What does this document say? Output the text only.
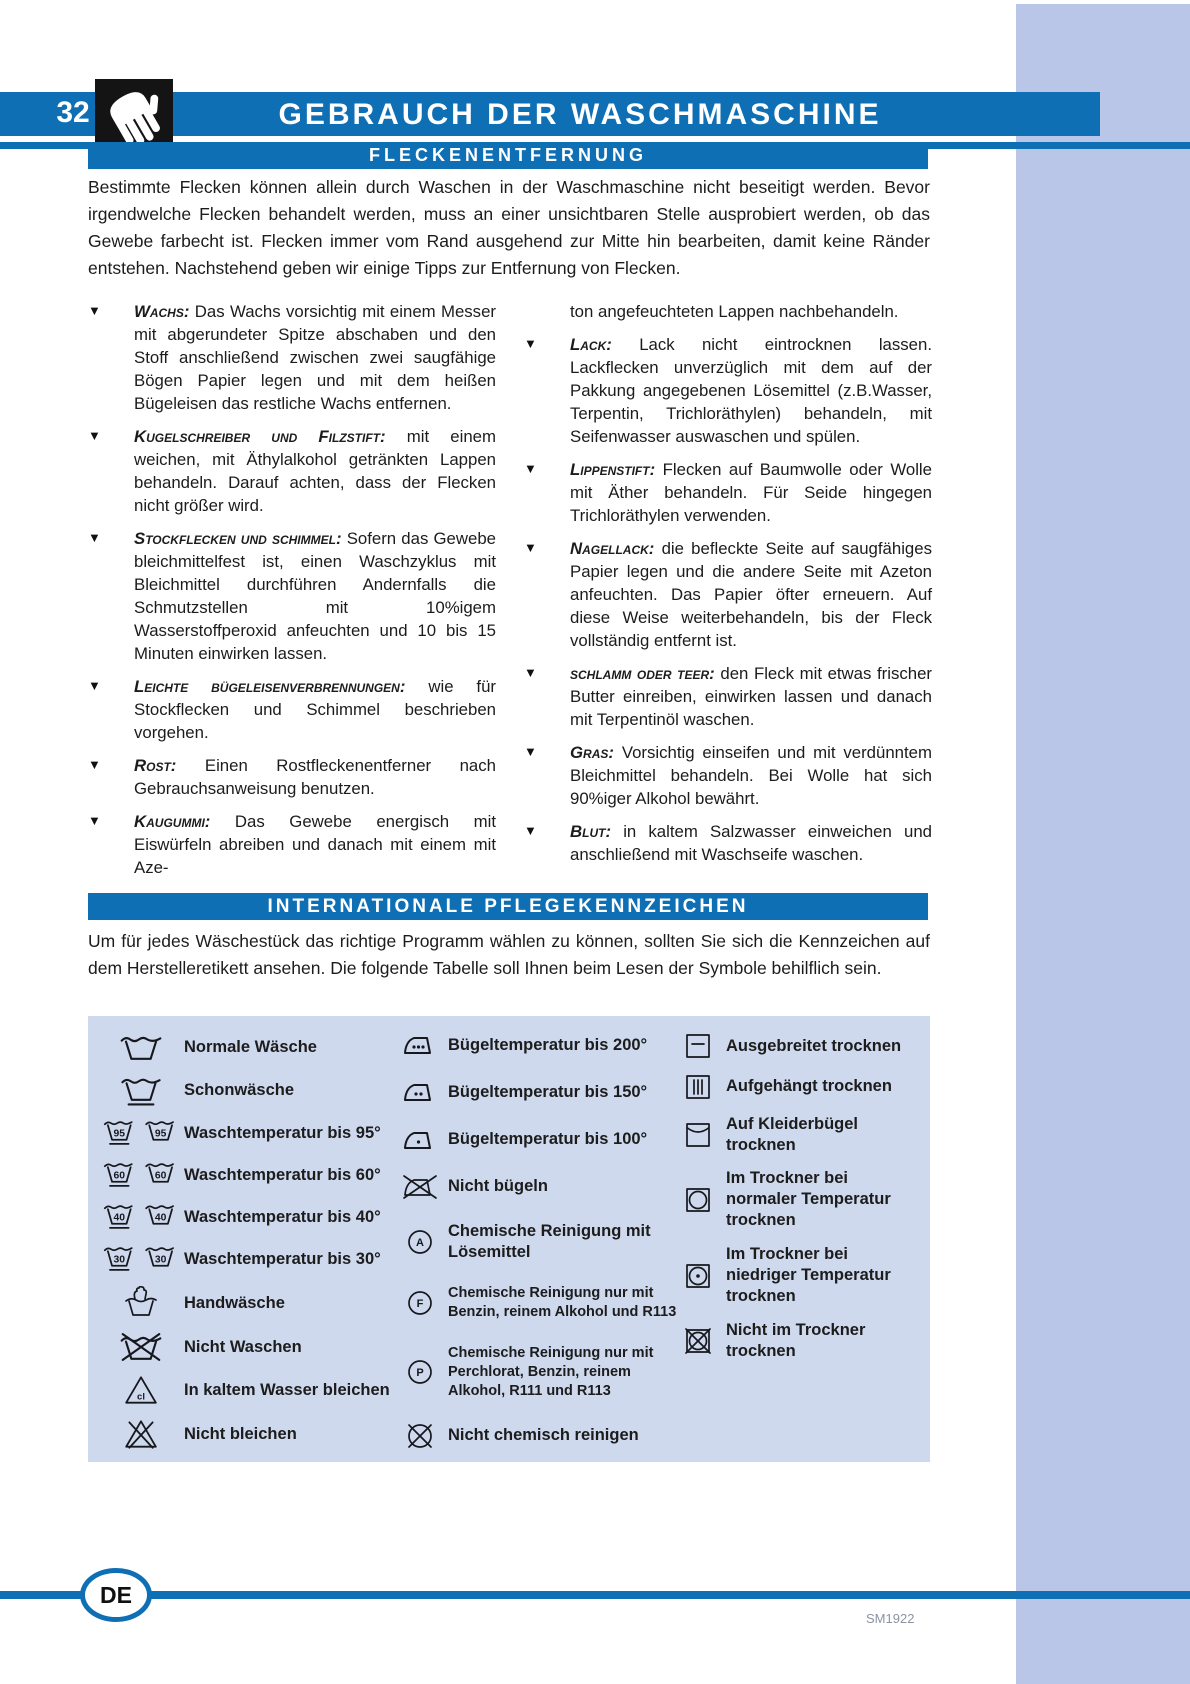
32	GEBRAUCH DER WASCHMASCHINE
FLECKENENTFERNUNG

Bestimmte Flecken können allein durch Waschen in der Waschmaschine nicht beseitigt werden. Bevor irgendwelche Flecken behandelt werden, muss an einer unsichtbaren Stelle ausprobiert werden, ob das Gewebe farbecht ist. Flecken immer vom Rand ausgehend zur Mitte hin bearbeiten, damit keine Ränder entstehen. Nachstehend geben wir einige Tipps zur Entfernung von Flecken.

▼	Wachs: Das Wachs vorsichtig mit einem Messer mit abgerundeter Spitze abschaben und den Stoff anschließend zwischen zwei saugfähige Bögen Papier legen und mit dem heißen Bügeleisen das restliche Wachs entfernen.
▼	Kugelschreiber und Filzstift: mit einem weichen, mit Äthylalkohol getränkten Lappen behandeln. Darauf achten, dass der Flecken nicht größer wird.
▼	Stockflecken und schimmel: Sofern das Gewebe bleichmittelfest ist, einen Waschzyklus mit Bleichmittel durchführen Andernfalls die Schmutzstellen mit 10%igem Wasserstoffperoxid anfeuchten und 10 bis 15 Minuten einwirken lassen.
▼	Leichte bügeleisenverbrennungen: wie für Stockflecken und Schimmel beschrieben vorgehen.
▼	Rost: Einen Rostfleckenentferner nach Gebrauchsanweisung benutzen.
▼	Kaugummi: Das Gewebe energisch mit Eiswürfeln abreiben und danach mit einem mit Aze-
ton angefeuchteten Lappen nachbehandeln.
▼	Lack: Lack nicht eintrocknen lassen. Lackflecken unverzüglich mit dem auf der Pakkung angegebenen Lösemittel (z.B.Wasser, Terpentin, Trichloräthylen) behandeln, mit Seifenwasser auswaschen und spülen.
▼	Lippenstift: Flecken auf Baumwolle oder Wolle mit Äther behandeln. Für Seide hingegen Trichloräthylen verwenden.
▼	Nagellack: die befleckte Seite auf saugfähiges Papier legen und die andere Seite mit Azeton anfeuchten. Das Papier öfter erneuern. Auf diese Weise weiterbehandeln, bis der Fleck vollständig entfernt ist.
▼	schlamm oder teer: den Fleck mit etwas frischer Butter einreiben, einwirken lassen und danach mit Terpentinöl waschen.
▼	Gras: Vorsichtig einseifen und mit verdünntem Bleichmittel behandeln. Bei Wolle hat sich 90%iger Alkohol bewährt.
▼	Blut: in kaltem Salzwasser einweichen und anschließend mit Waschseife waschen.
INTERNATIONALE PFLEGEKENNZEICHEN

Um für jedes Wäschestück das richtige Programm wählen zu können, sollten Sie sich die Kennzeichen auf dem Herstelleretikett ansehen. Die folgende Tabelle soll Ihnen beim Lesen der Symbole behilflich sein.

Normale Wäsche
Schonwäsche
95	95 Waschtemperatur bis 95°
60	60 Waschtemperatur bis 60°
40	40 Waschtemperatur bis 40°
30	30 Waschtemperatur bis 30°
Handwäsche
Nicht Waschen
cl In kaltem Wasser bleichen
Nicht bleichen
Bügeltemperatur bis 200°
Bügeltemperatur bis 150°
Bügeltemperatur bis 100°
Nicht bügeln
A
Chemische Reinigung mit Lösemittel
F
Chemische Reinigung nur mit Benzin, reinem Alkohol und R113
P
Chemische Reinigung nur mit Perchlorat, Benzin, reinem Alkohol, R111 und R113
Nicht chemisch reinigen
Ausgebreitet trocknen
Aufgehängt trocknen
Auf Kleiderbügel trocknen
Im Trockner bei normaler Temperatur trocknen
Im Trockner bei niedriger Temperatur trocknen
Nicht im Trockner trocknen
DE
SM1922
